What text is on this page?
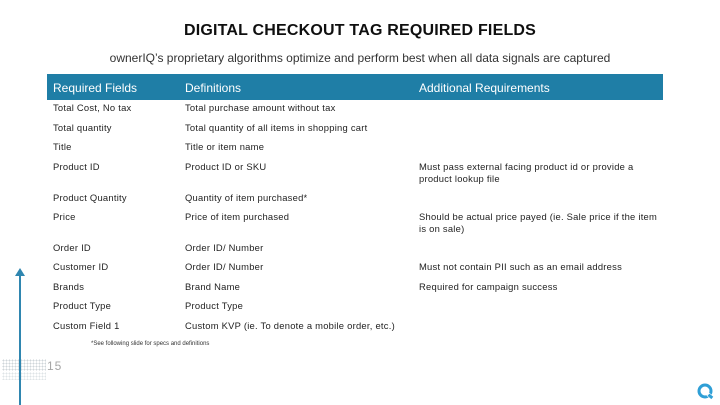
DIGITAL CHECKOUT TAG REQUIRED FIELDS
ownerIQ’s proprietary algorithms optimize and perform best when all data signals are captured
Required Fields	Definitions	Additional Requirements
Total Cost, No tax	Total purchase amount without tax
Total quantity	Total quantity of all items in shopping cart
Title	Title or item name
Product ID	Product ID or SKU	Must pass external facing product id or provide a product lookup file
Product Quantity	Quantity of item purchased*
Price	Price of item purchased	Should be actual price payed (ie. Sale price if the item is on sale)
Order ID	Order ID/ Number
Customer ID	Order ID/ Number	Must not contain PII such as an email address
Brands	Brand Name	Required for campaign success
Product Type	Product Type
Custom Field 1	Custom KVP (ie. To denote a mobile order, etc.)
*See following slide for specs and definitions
15
